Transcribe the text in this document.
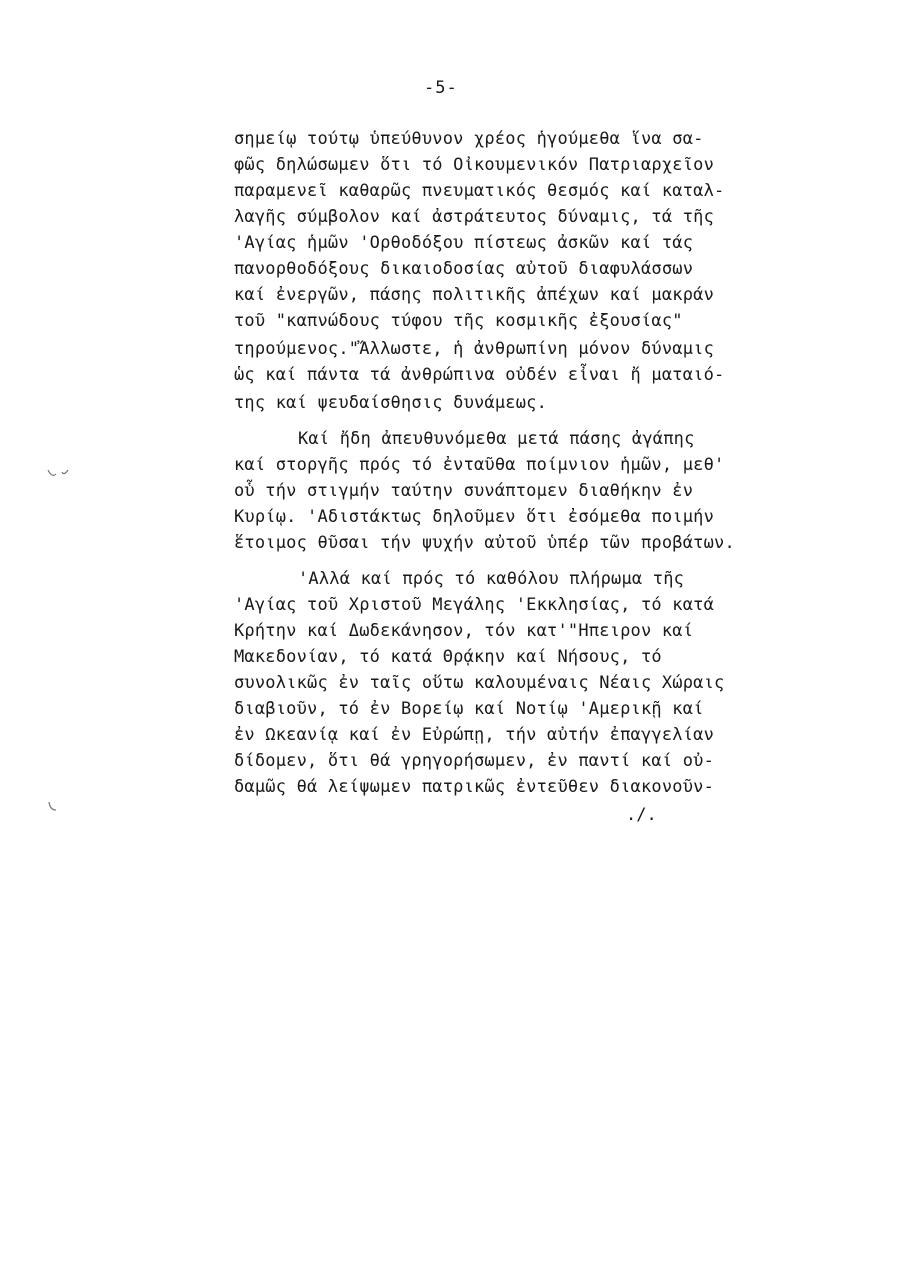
-5-
σημείῳ τούτῳ ὑπεύθυνον χρέος ἡγούμεθα ἵνα σα-
φῶς δηλώσωμεν ὅτι τό Οἰκουμενικόν Πατριαρχεῖον
παραμενεῖ καθαρῶς πνευματικός θεσμός καί καταλ-
λαγῆς σύμβολον καί ἀστράτευτος δύναμις, τά τῆς
'Αγίας ἡμῶν 'Ορθοδόξου πίστεως ἀσκῶν καί τάς
πανορθοδόξους δικαιοδοσίας αὐτοῦ διαφυλάσσων
καί ἐνεργῶν, πάσης πολιτικῆς ἀπέχων καί μακράν
τοῦ "καπνώδους τύφου τῆς κοσμικῆς ἐξουσίας"
τηρούμενος."Ἄλλωστε, ἡ ἀνθρωπίνη μόνον δύναμις
ὡς καί πάντα τά ἀνθρώπινα οὐδέν εἶναι ἤ ματαιό-
της καί ψευδαίσθησις δυνάμεως.
Καί ἤδη ἀπευθυνόμεθα μετά πάσης ἀγάπης
καί στοργῆς πρός τό ἐνταῦθα ποίμνιον ἡμῶν, μεθ'
οὗ τήν στιγμήν ταύτην συνάπτομεν διαθήκην ἐν
Κυρίῳ. 'Αδιστάκτως δηλοῦμεν ὅτι ἐσόμεθα ποιμήν
ἕτοιμος θῦσαι τήν ψυχήν αὐτοῦ ὑπέρ τῶν προβάτων.
'Αλλά καί πρός τό καθόλου πλήρωμα τῆς
'Αγίας τοῦ Χριστοῦ Μεγάλης 'Εκκλησίας, τό κατά
Κρήτην καί Δωδεκάνησον, τόν κατ'"Ηπειρον καί
Μακεδονίαν, τό κατά Θρᾴκην καί Νήσους, τό
συνολικῶς ἐν ταῖς οὕτω καλουμέναις Νέαις Χώραις
διαβιοῦν, τό ἐν Βορείῳ καί Νοτίῳ 'Αμερικῇ καί
ἐν Ωκεανίᾳ καί ἐν Εὐρώπῃ, τήν αὐτήν ἐπαγγελίαν
δίδομεν, ὅτι θά γρηγορήσωμεν, ἐν παντί καί οὐ-
δαμῶς θά λείψωμεν πατρικῶς ἐντεῦθεν διακονοῦν-
./.
